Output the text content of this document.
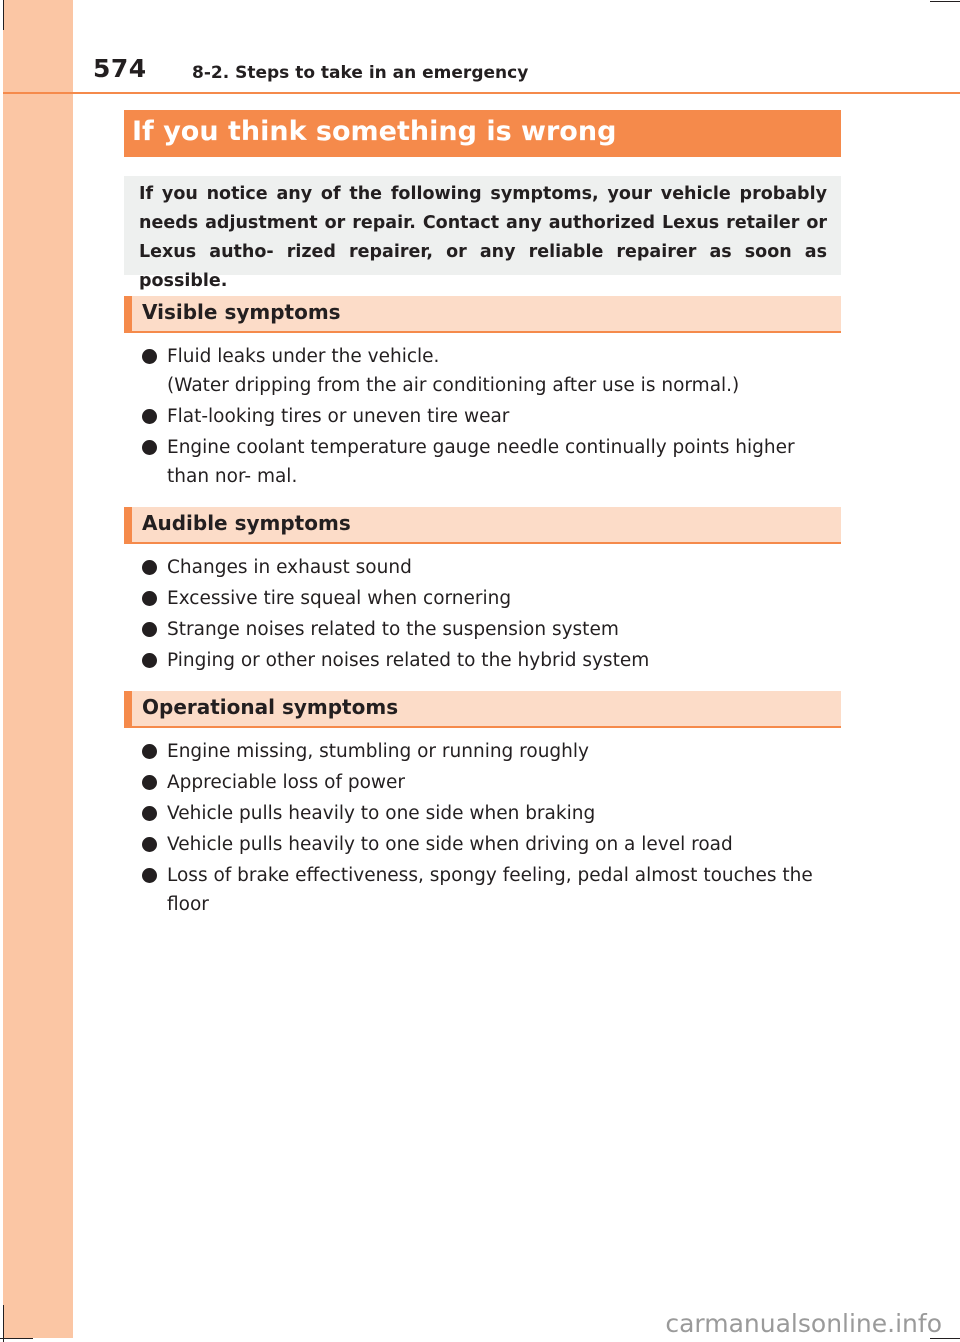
574	8-2. Steps to take in an emergency
If you think something is wrong

If you notice any of the following symptoms, your vehicle probably needs adjustment or repair. Contact any authorized Lexus retailer or Lexus autho- rized repairer, or any reliable repairer as soon as possible.

Visible symptoms
Fluid leaks under the vehicle.
(Water dripping from the air conditioning after use is normal.)
Flat-looking tires or uneven tire wear
Engine coolant temperature gauge needle continually points higher than nor- mal.
Audible symptoms
Changes in exhaust sound
Excessive tire squeal when cornering
Strange noises related to the suspension system
Pinging or other noises related to the hybrid system
Operational symptoms
Engine missing, stumbling or running roughly
Appreciable loss of power
Vehicle pulls heavily to one side when braking
Vehicle pulls heavily to one side when driving on a level road
Loss of brake effectiveness, spongy feeling, pedal almost touches the floor
carmanualsonline.info
